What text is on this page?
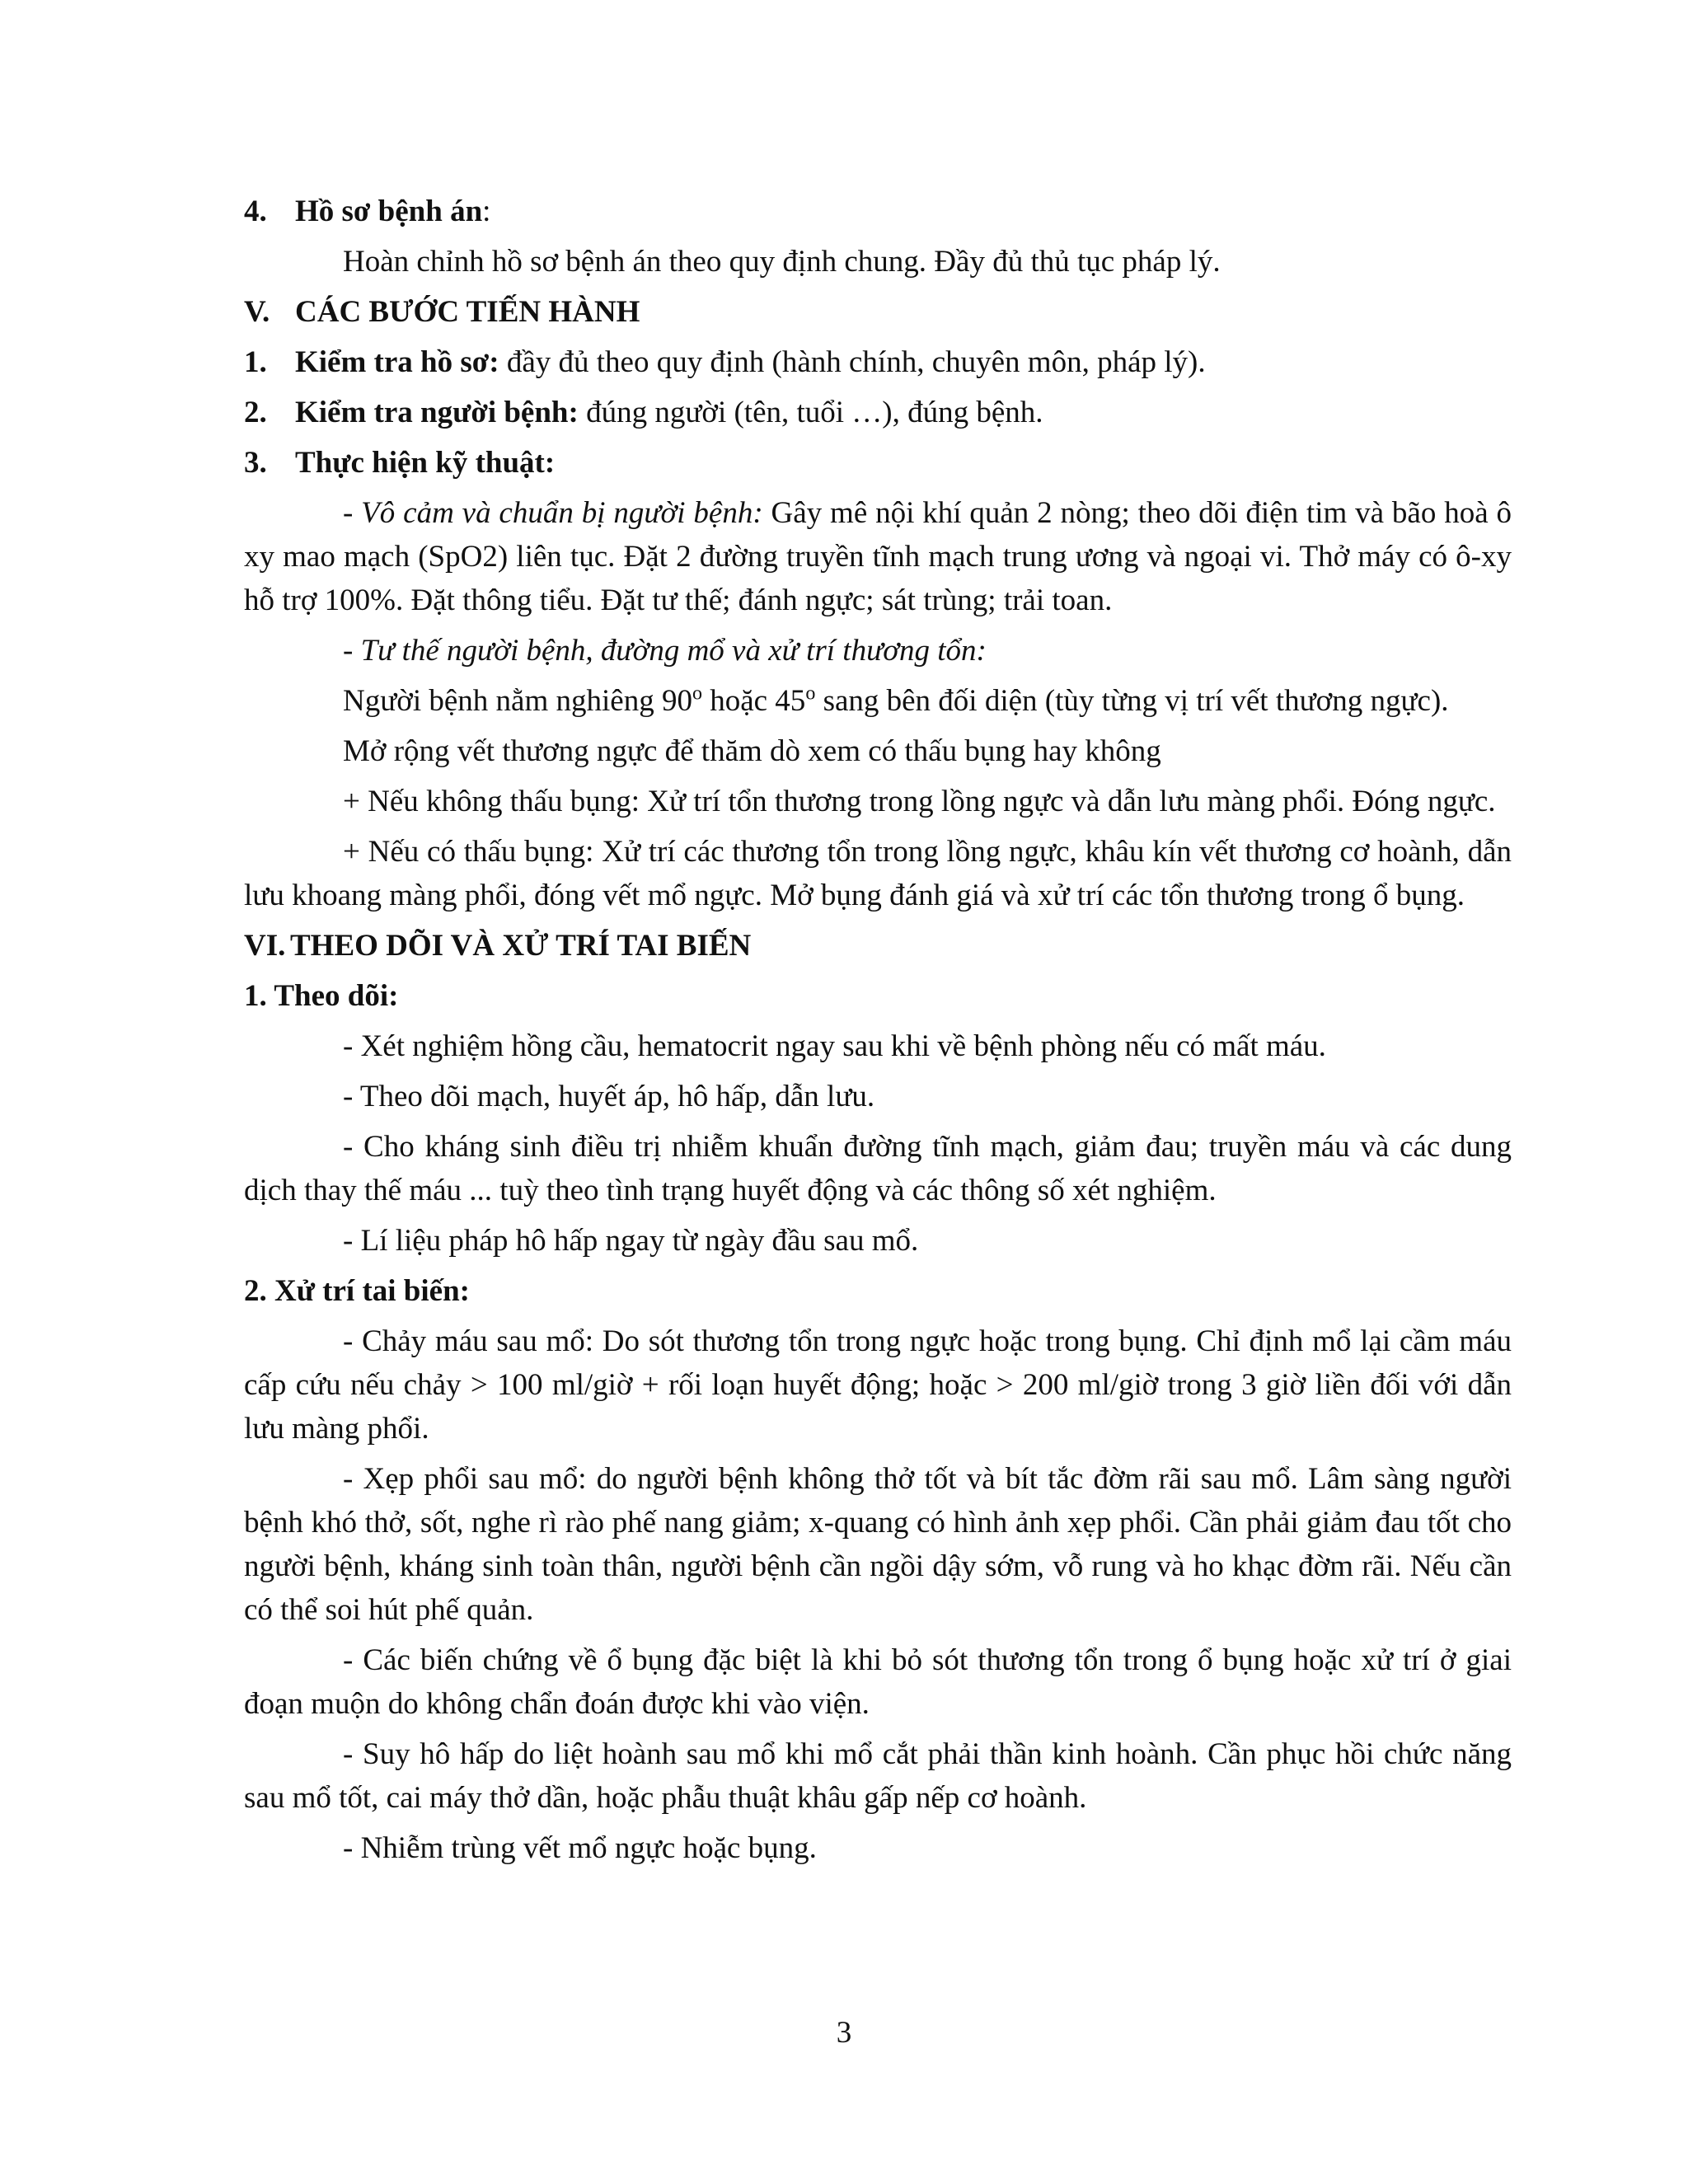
4. Hồ sơ bệnh án:

Hoàn chỉnh hồ sơ bệnh án theo quy định chung. Đầy đủ thủ tục pháp lý.

V. CÁC BƯỚC TIẾN HÀNH

1. Kiểm tra hồ sơ: đầy đủ theo quy định (hành chính, chuyên môn, pháp lý).

2. Kiểm tra người bệnh: đúng người (tên, tuổi …), đúng bệnh.

3. Thực hiện kỹ thuật:

- Vô cảm và chuẩn bị người bệnh: Gây mê nội khí quản 2 nòng; theo dõi điện tim và bão hoà ô xy mao mạch (SpO2) liên tục. Đặt 2 đường truyền tĩnh mạch trung ương và ngoại vi. Thở máy có ô-xy hỗ trợ 100%. Đặt thông tiểu. Đặt tư thế; đánh ngực; sát trùng; trải toan.

- Tư thế người bệnh, đường mổ và xử trí thương tổn:

Người bệnh nằm nghiêng 90$^o$ hoặc 45$^o$ sang bên đối diện (tùy từng vị trí vết thương ngực).

Mở rộng vết thương ngực để thăm dò xem có thấu bụng hay không

+ Nếu không thấu bụng: Xử trí tổn thương trong lồng ngực và dẫn lưu màng phổi. Đóng ngực.

+ Nếu có thấu bụng: Xử trí các thương tổn trong lồng ngực, khâu kín vết thương cơ hoành, dẫn lưu khoang màng phổi, đóng vết mổ ngực. Mở bụng đánh giá và xử trí các tổn thương trong ổ bụng.

VI. THEO DÕI VÀ XỬ TRÍ TAI BIẾN
1. Theo dõi:

- Xét nghiệm hồng cầu, hematocrit ngay sau khi về bệnh phòng nếu có mất máu.

- Theo dõi mạch, huyết áp, hô hấp, dẫn lưu.

- Cho kháng sinh điều trị nhiễm khuẩn đường tĩnh mạch, giảm đau; truyền máu và các dung dịch thay thế máu ... tuỳ theo tình trạng huyết động và các thông số xét nghiệm.

- Lí liệu pháp hô hấp ngay từ ngày đầu sau mổ.

2. Xử trí tai biến:

- Chảy máu sau mổ: Do sót thương tổn trong ngực hoặc trong bụng. Chỉ định mổ lại cầm máu cấp cứu nếu chảy > 100 ml/giờ + rối loạn huyết động; hoặc > 200 ml/giờ trong 3 giờ liền đối với dẫn lưu màng phổi.

- Xẹp phổi sau mổ: do người bệnh không thở tốt và bít tắc đờm rãi sau mổ. Lâm sàng người bệnh khó thở, sốt, nghe rì rào phế nang giảm; x-quang có hình ảnh xẹp phổi. Cần phải giảm đau tốt cho người bệnh, kháng sinh toàn thân, người bệnh cần ngồi dậy sớm, vỗ rung và ho khạc đờm rãi. Nếu cần có thể soi hút phế quản.

- Các biến chứng về ổ bụng đặc biệt là khi bỏ sót thương tổn trong ổ bụng hoặc xử trí ở giai đoạn muộn do không chẩn đoán được khi vào viện.

- Suy hô hấp do liệt hoành sau mổ khi mổ cắt phải thần kinh hoành. Cần phục hồi chức năng sau mổ tốt, cai máy thở dần, hoặc phẫu thuật khâu gấp nếp cơ hoành.

- Nhiễm trùng vết mổ ngực hoặc bụng.

3
